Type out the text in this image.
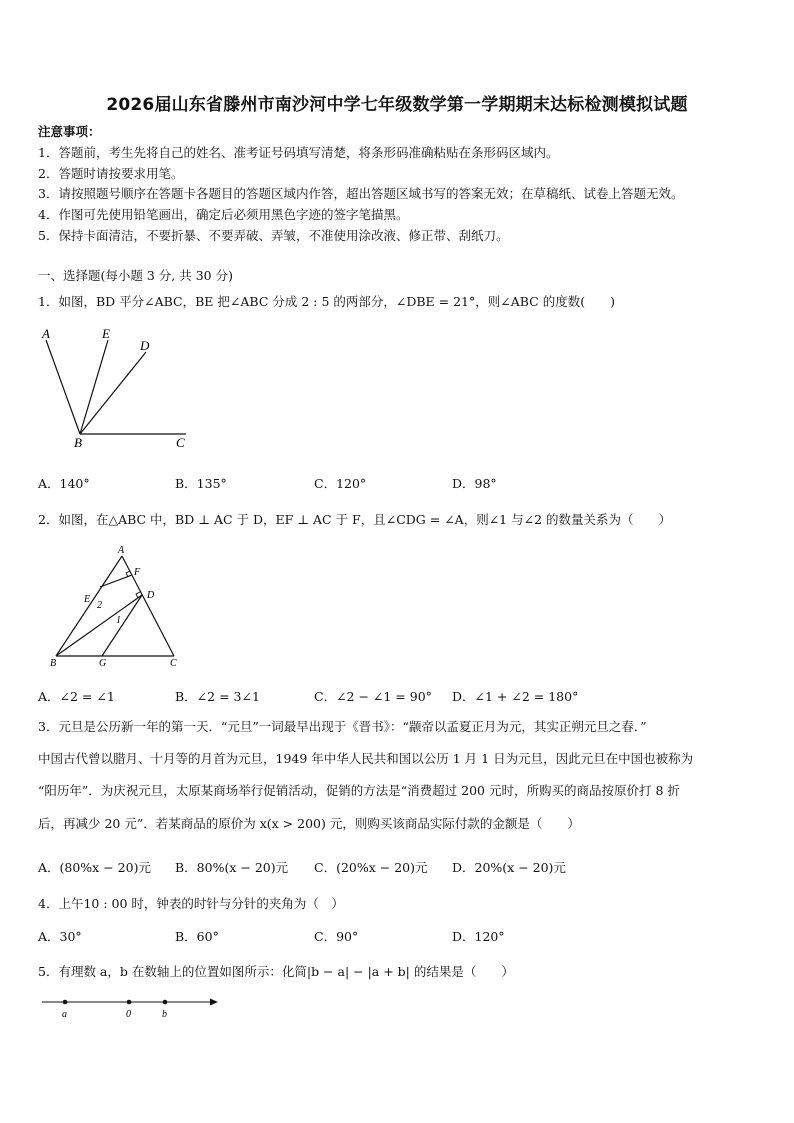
2026届山东省滕州市南沙河中学七年级数学第一学期期末达标检测模拟试题
注意事项：
1．答题前，考生先将自己的姓名、准考证号码填写清楚，将条形码准确粘贴在条形码区域内。
2．答题时请按要求用笔。
3．请按照题号顺序在答题卡各题目的答题区域内作答，超出答题区域书写的答案无效；在草稿纸、试卷上答题无效。
4．作图可先使用铅笔画出，确定后必须用黑色字迹的签字笔描黑。
5．保持卡面清洁，不要折暴、不要弄破、弄皱，不准使用涂改液、修正带、刮纸刀。
一、选择题(每小题 3 分, 共 30 分)
1．如图，BD 平分∠ABC，BE 把∠ABC 分成 2 : 5 的两部分，∠DBE = 21°，则∠ABC 的度数(　　)
A	E
D
B	C
A．140°	B．135°	C．120°	D．98°
2．如图，在△ABC 中，BD ⊥ AC 于 D，EF ⊥ AC 于 F，且∠CDG = ∠A，则∠1 与∠2 的数量关系为（　　）
A
F
E	D
2
1
B	G	C
A．∠2 = ∠1	B．∠2 = 3∠1	C．∠2 − ∠1 = 90° D．∠1 + ∠2 = 180°
3．元旦是公历新一年的第一天．“元旦”一词最早出现于《晋书》：“颛帝以孟夏正月为元，其实正朔元旦之春．”
中国古代曾以腊月、十月等的月首为元旦，1949 年中华人民共和国以公历 1 月 1 日为元旦，因此元旦在中国也被称为
“阳历年”．为庆祝元旦，太原某商场举行促销活动，促销的方法是“消费超过 200 元时，所购买的商品按原价打 8 折
后，再减少 20 元”．若某商品的原价为 x(x > 200) 元，则购买该商品实际付款的金额是（　　）
A．(80%x − 20)元 B．80%(x − 20)元 C．(20%x − 20)元 D．20%(x − 20)元
4．上午10 : 00 时，钟表的时针与分针的夹角为（　）
A．30°	B．60°	C．90°	D．120°
5．有理数 a，b 在数轴上的位置如图所示：化简|b − a| − |a + b| 的结果是（　　）
a	0	b
